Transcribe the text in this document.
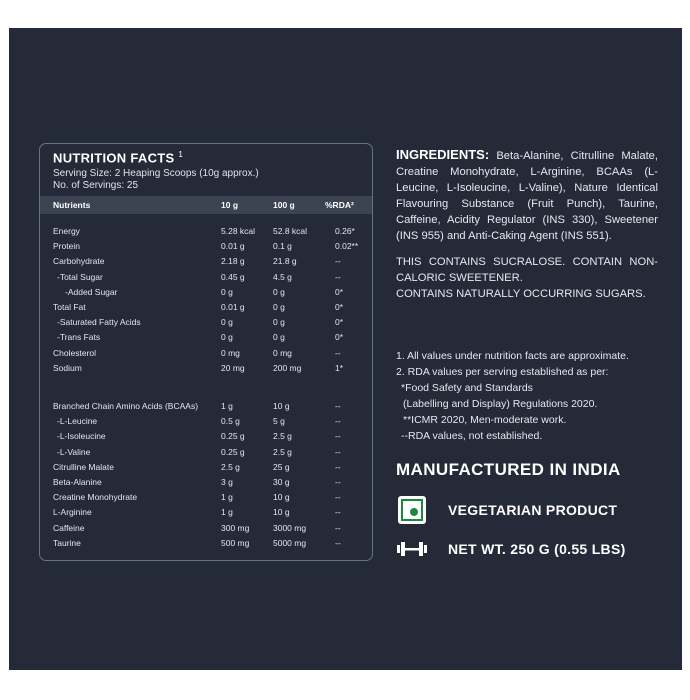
NUTRITION FACTS $^1$
Serving Size: 2 Heaping Scoops (10g approx.)
No. of Servings: 25
Nutrients	10 g	100 g	%RDA²
Energy	5.28 kcal 52.8 kcal	0.26*
Protein	0.01 g	0.1 g	0.02**
Carbohydrate	2.18 g	21.8 g	--
-Total Sugar	0.45 g	4.5 g	--
-Added Sugar	0 g	0 g	0*
Total Fat	0.01 g	0 g	0*
-Saturated Fatty Acids	0 g	0 g	0*
-Trans Fats	0 g	0 g	0*
Cholesterol	0 mg	0 mg	--
Sodium	20 mg	200 mg	1*
Branched Chain Amino Acids (BCAAs)	1 g	10 g	--
-L-Leucine	0.5 g	5 g	--
-L-Isoleucine	0.25 g	2.5 g	--
-L-Valine	0.25 g	2.5 g	--
Citrulline Malate	2.5 g	25 g	--
Beta-Alanine	3 g	30 g	--
Creatine Monohydrate	1 g	10 g	--
L-Arginine	1 g	10 g	--
Caffeine	300 mg	3000 mg	--
Taurine	500 mg	5000 mg	--

INGREDIENTS: Beta-Alanine, Citrulline Malate, Creatine Monohydrate, L-Arginine, BCAAs (L-Leucine, L-Isoleucine, L-Valine), Nature Identical Flavouring Substance (Fruit Punch), Taurine, Caffeine, Acidity Regulator (INS 330), Sweetener (INS 955) and Anti-Caking Agent (INS 551).

THIS CONTAINS SUCRALOSE. CONTAIN NON-CALORIC SWEETENER.

CONTAINS NATURALLY OCCURRING SUGARS.

1. All values under nutrition facts are approximate.
2. RDA values per serving established as per:
*Food Safety and Standards
(Labelling and Display) Regulations 2020.
**ICMR 2020, Men-moderate work.
--RDA values, not established.
MANUFACTURED IN INDIA
VEGETARIAN PRODUCT
NET WT. 250 G (0.55 LBS)
